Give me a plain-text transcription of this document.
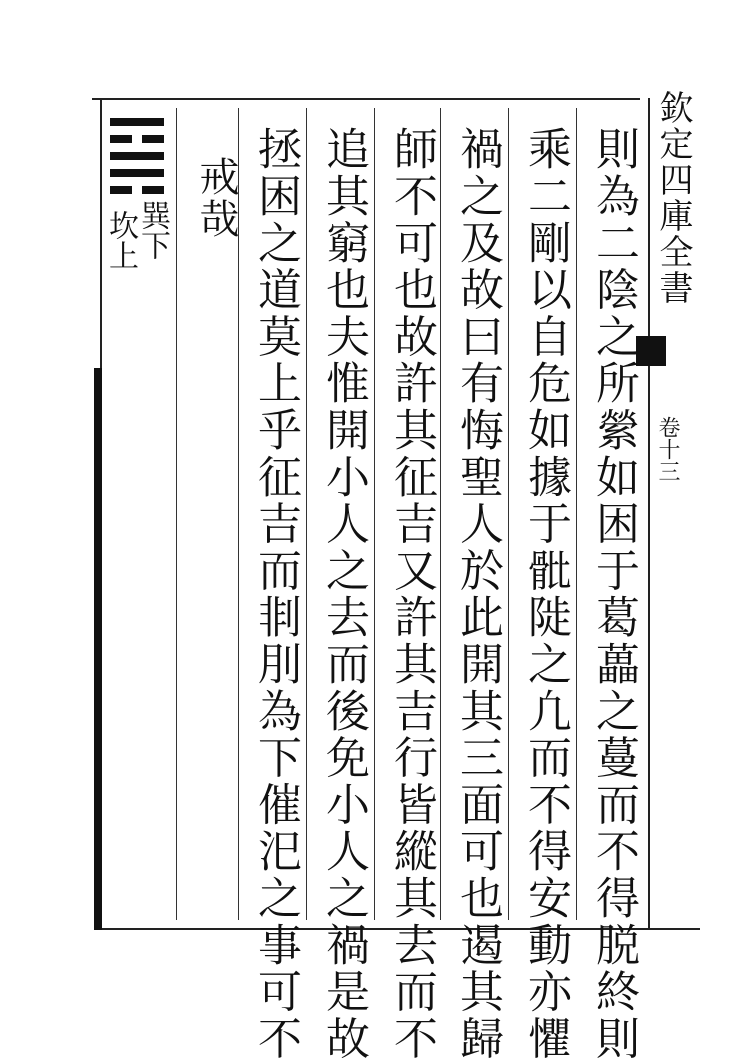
欽定四庫全書
卷十三
則為二陰之所縈如困于葛藟之蔓而不得脱終則
乘二剛以自危如據于𩨨𨺗之凢而不得安動亦懼
禍之及故曰有悔聖人於此開其三面可也遏其歸
師不可也故許其征吉又許其吉行皆縱其去而不
追其窮也夫惟開小人之去而後免小人之禍是故
拯困之道莫上乎征吉而剕刖為下催汜之事可不
戒哉
巽下
坎上
